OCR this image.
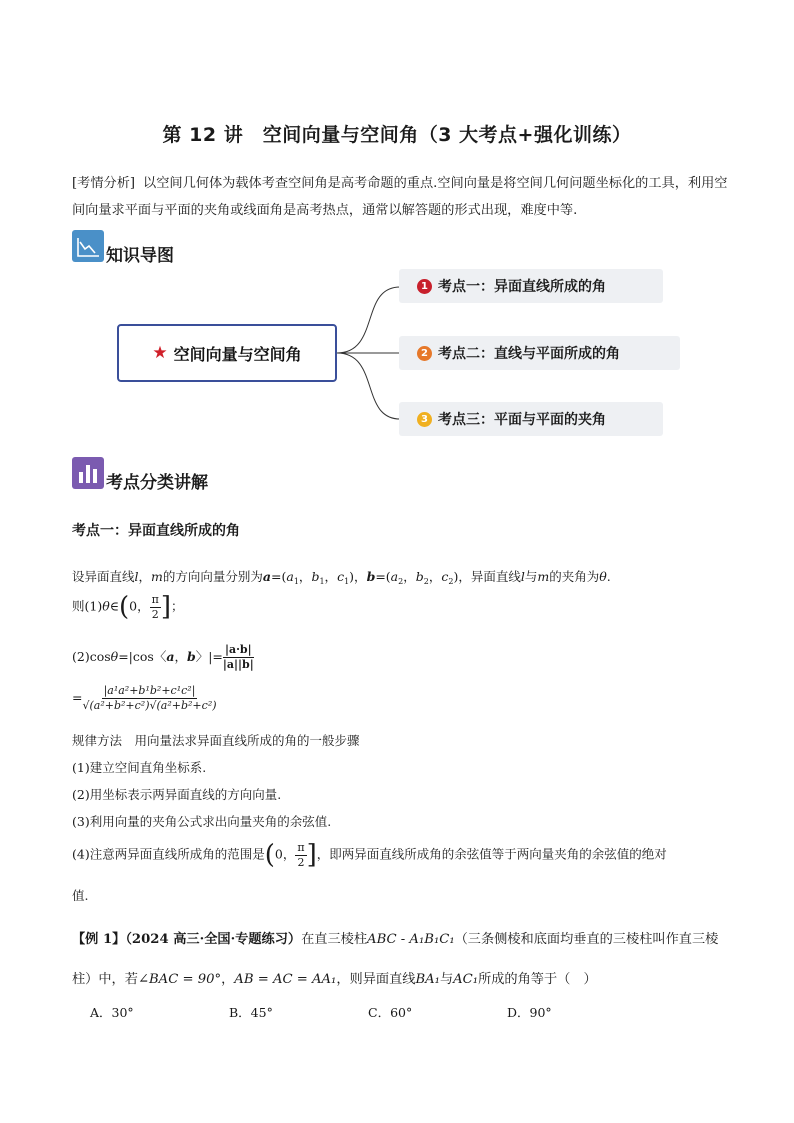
第 12 讲　空间向量与空间角（3 大考点+强化训练）
[考情分析] 以空间几何体为载体考查空间角是高考命题的重点.空间向量是将空间几何问题坐标化的工具，利用空间向量求平面与平面的夹角或线面角是高考热点，通常以解答题的形式出现，难度中等.
知识导图
★ 空间向量与空间角
1 考点一：异面直线所成的角
2 考点二：直线与平面所成的角
3 考点三：平面与平面的夹角
考点分类讲解
考点一：异面直线所成的角
设异面直线l，m的方向向量分别为$a=(a_1$，$b_1$，$c_1$)，$b=(a_2$，$b_2$，$c_2$)，异面直线l与m的夹角为θ.
则(1)θ∈(0， $\frac{\pi}{2}$ ]；
(2)cosθ=|cos〈a，b〉|= $\frac{|a\cdot b|}{|a||b|}$
= $\frac{\text{|a¹a²+b¹b²+c¹c²|}}{\text{√(a²+b²+c²)√(a²+b²+c²)}}$
规律方法　用向量法求异面直线所成的角的一般步骤
(1)建立空间直角坐标系.
(2)用坐标表示两异面直线的方向向量.
(3)利用向量的夹角公式求出向量夹角的余弦值.
(4)注意两异面直线所成角的范围是(0， $\frac{\pi}{2}$ ]，即两异面直线所成角的余弦值等于两向量夹角的余弦值的绝对
值.
【例 1】（2024 高三·全国·专题练习）在直三棱柱ABC - A₁B₁C₁（三条侧棱和底面均垂直的三棱柱叫作直三棱柱）中，若∠BAC = 90°，AB = AC = AA₁，则异面直线BA₁与AC₁所成的角等于（　）
A．30°	B．45°	C．60°	D．90°
